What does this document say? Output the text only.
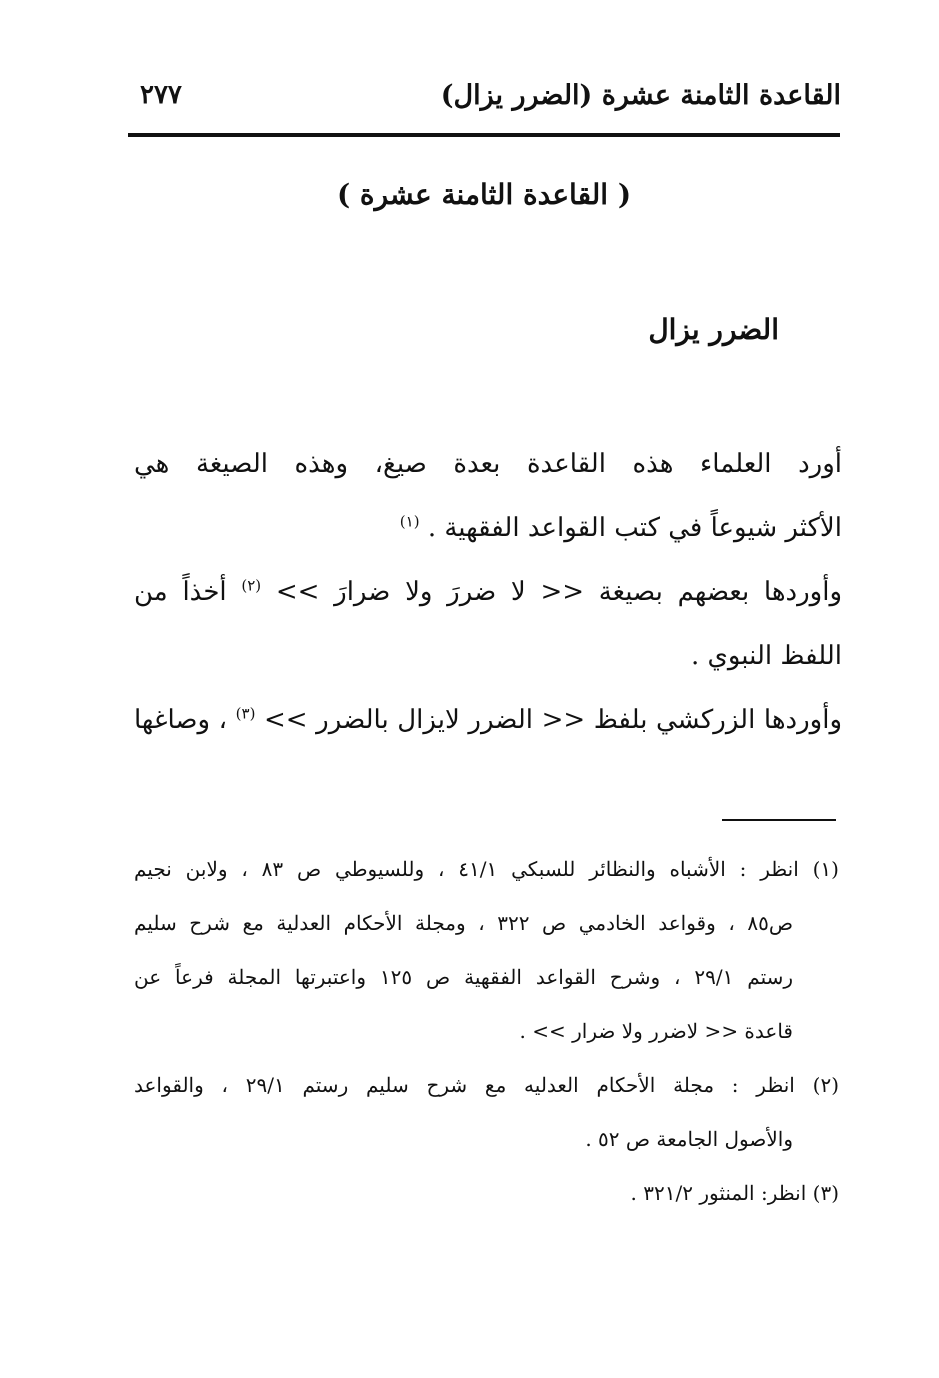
القاعدة الثامنة عشرة (الضرر يزال)
٢٧٧
( القاعدة الثامنة عشرة )
الضرر يزال
أورد العلماء هذه القاعدة بعدة صيغ، وهذه الصيغة هي
الأكثر شيوعاً في كتب القواعد الفقهية . $^{(١)}$
وأوردها بعضهم بصيغة << لا ضررَ ولا ضرارَ >> $^{(٢)}$ أخذاً من
اللفظ النبوي .
وأوردها الزركشي بلفظ << الضرر لايزال بالضرر >> $^{(٣)}$ ، وصاغها
(١) انظر : الأشباه والنظائر للسبكي ٤١/١ ، وللسيوطي ص ٨٣ ، ولابن نجيم
ص٨٥ ، وقواعد الخادمي ص ٣٢٢ ، ومجلة الأحكام العدلية مع شرح سليم
رستم ٢٩/١ ، وشرح القواعد الفقهية ص ١٢٥ واعتبرتها المجلة فرعاً عن
قاعدة << لاضرر ولا ضرار >> .
(٢) انظر : مجلة الأحكام العدليه مع شرح سليم رستم ٢٩/١ ، والقواعد
والأصول الجامعة ص ٥٢ .
(٣) انظر: المنثور ٣٢١/٢ .
